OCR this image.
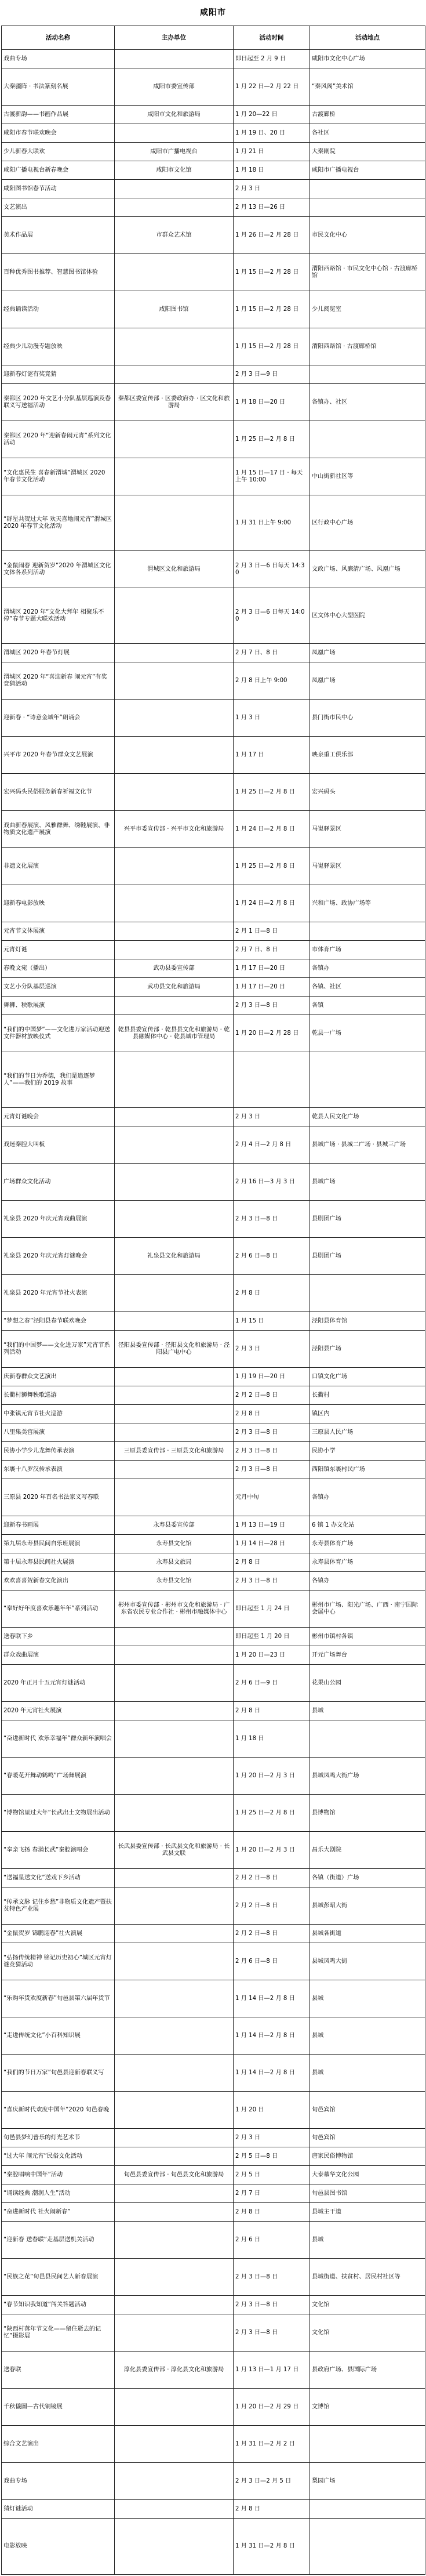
咸阳市
活动名称	主办单位	活动时间	活动地点
戏曲专场		即日起至 2 月 9 日	咸阳市文化中心广场
大秦疆阵 · 书法篆刻名展	咸阳市委宣传部	1 月 22 日—2 月 22 日	“秦风阁”美术馆
古渡新韵——书画作品展	咸阳市文化和旅游局	1 月 20—22 日	古渡廊桥
咸阳市春节联欢晚会		1 月 19 日、20 日	各社区
少儿新春大联欢	咸阳市广播电视台	1 月 21 日	大秦剧院
咸阳广播电视台新春晚会	咸阳市文化馆	1 月 18 日	咸阳市广播电视台
咸阳图书馆春节活动		2 月 3 日	
文艺演出		2 月 13 日—26 日	
美术作品展	市群众艺术馆	1 月 26 日—2 月 28 日	市民文化中心
百种优秀图书推荐、智慧图书馆体验		1 月 15 日—2 月 28 日	渭阳西路馆 · 市民文化中心馆 · 古渡廊桥馆
经典诵读活动	咸阳图书馆	1 月 15 日—2 月 28 日	少儿阅览室
经典少儿动漫专题放映		1 月 15 日—2 月 28 日	渭阳西路馆 · 古渡廊桥馆
迎新春灯谜有奖竞猜		2 月 3 日—9 日	
秦都区 2020 年文艺小分队基层巡演及春联义写送福活动	秦都区委宣传部 · 区委政府办 · 区文化和旅游局	1 月 18 日—20 日	各镇办、社区
秦都区 2020 年“迎新春闹元宵”系列文化活动		1 月 25 日—2 月 8 日	
“文化惠民生 喜春新渭城”渭城区 2020 年春节文化活动		1 月 15 日—17 日 · 每天上午 10:00	中山街新社区等
“群星共贺过大年 欢天喜地闹元宵”渭城区 2020 年春节文化活动		1 月 31 日上午 9:00	区行政中心广场
“金鼠闹春 迎新贺岁”2020 年渭城区文化文体各系列活动	渭城区文化和旅游局	2 月 3 日—6 日每天 14:30	文政广场、风廉清广场、风凰广场
渭城区 2020 年“文化大拜年 相聚乐不停”春节专题大联欢活动		2 月 3 日—6 日每天 14:00	区文体中心大型医院
渭城区 2020 年春节灯展		2 月 7 日、8 日	凤凰广场
渭城区 2020 年“喜迎新春 闹元宵”有奖竞猜活动		2 月 8 日上午 9:00	凤凰广场
迎新春 · “诗意金城年”朗诵会		1 月 3 日	县门街市民中心
兴平市 2020 年春节群众文艺展演		1 月 17 日	映泉重工俱乐部
宏兴码头民俗服务新春祈福文化节		1 月 25 日—2 月 8 日	宏兴码头
戏曲新春展演、风雅群舞、绣鞋展演、非物质文化遗产展演	兴平市委宣传部 · 兴平市文化和旅游局	1 月 24 日—2 月 8 日	马嵬驿景区
非遗文化展演		1 月 25 日—2 月 8 日	马嵬驿景区
迎新春电影放映		1 月 24 日—2 月 8 日	兴和广场、政协广场等
元宵节文体展演		2 月 1 日—8 日	
元宵灯谜		2 月 7 日、8 日	市体育广场
春晚文宛（播出）	武功县委宣传部	1 月 17 日—20 日	各镇办
文艺小分队基层巡演	武功县文化和旅游局	1 月 17 日—20 日	各镇、社区
舞狮、秧歌展演		2 月 3 日—8 日	各镇
“我们的中国梦”——文化进万家活动迎送文件器材放映仪式	乾县县委宣传部 · 乾县县文化和旅游局 · 乾县融媒体中心 · 乾县城市管理局	1 月 20 日—2 月 28 日	乾县一广场
“我们的节日为乔德，我们是追逐梦人”——我们的 2019 故事			
元宵灯谜晚会		2 月 3 日	乾县人民文化广场
戏迷秦腔大叫板		2 月 4 日—2 月 8 日	县城广场 · 县城二广场 · 县城三广场
广场群众文化活动		2 月 16 日—3 月 3 日	县城广场
礼泉县 2020 年庆元宵戏曲展演		2 月 3 日—8 日	县剧团广场
礼泉县 2020 年庆元宵灯谜晚会	礼泉县文化和旅游局	2 月 6 日—8 日	县剧团广场
礼泉县 2020 年元宵节社火表演		2 月 8 日	
“梦想之春”泾阳县春节联欢晚会		1 月 15 日	泾阳县体育馆
“我们的中国梦——文化进万家”元宵节系列活动	泾阳县委宣传部 · 泾阳县文化和旅游局 · 泾阳县广电中心	2 月 3 日	泾阳县广场
庆新春群众文艺演出		1 月 19 日—20 日	口镇文化广场
长衢村狮舞秧歌巡游		2 月 2 日—8 日	长衢村
中张镇元宵节社火巡游		2 月 8 日	镇区内
八里集美宫展演		2 月 3 日—8 日	三原县人民广场
民协小学少儿龙舞传承表演	三原县委宣传部 · 三原县文化和旅游局	2 月 3 日—8 日	民协小学
东裹十八罗汉传承表演		2 月 3 日—8 日	西阳镇东裹村民广场
三原县 2020 年百名书法家义写春联		元月中旬	各镇办
迎新春书画展	永寿县委宣传部	1 月 13 日—19 日	6 镇 1 办文化站
第九届永寿县民间自乐班展演	永寿县文化馆	1 月 14 日—28 日	永寿县体育广场
第十届永寿县民间社火展演	永寿县文旅局	2 月 8 日	永寿县体育广场
欢欢喜喜贺新春文化演出	永寿县文化馆	2 月 3 日—8 日	各镇办
“奉好好年度喜欢乐趣年年”系列活动	彬州市委宣传部 · 彬州市文化和旅游局 · 广东省农民专业合作社 · 彬州市融媒体中心	即日起至 1 月 24 日	彬州市广场、阳光广场、广西 · 南宁国际会展中心
送春联下乡		即日起至 1 月 20 日	彬州市镇村各镇
群众戏曲展演		1 月 20 日—23 日	开元广场舞台
2020 年正月十五元宵灯谜活动		2 月 6 日—9 日	花果山公园
2020 年元宵社火展演		2 月 8 日	县城
“奋进新时代 欢乐幸福年”群众新年演唱会		1 月 18 日	
“春暖花开舞动鹤鸣”广场舞展演		1 月 20 日—2 月 3 日	县城凤鸣大街广场
“博物馆里过大年”长武出土文物展出活动		1 月 25 日—2 月 8 日	县博物馆
“奉亲飞扬 春满长武”秦腔演唱会	长武县委宣传部 · 长武县文化和旅游局 · 长武县文联	1 月 20 日—2 月 3 日	昌乐大剧院
“送福星送文化”送戏下乡活动		2 月 2 日—8 日	各镇（街道）广场
“传承文脉 记住乡愁”非物质文化遗产暨扶贫特色产业展		2 月 2 日—8 日	县城彭昭大街
“金鼠贺岁 锦鹏迎春”社火演展		2 月 2 日—8 日	县城各街道
“弘扬传统精神 铭记历史初心”城区元宵灯谜竞猜活动		2 月 6 日—8 日	县城凤鸣大街
“乐购年货欢度新春”旬邑县第六届年货节		1 月 14 日—2 月 8 日	县城
“走进传统文化”小百科知识展		1 月 14 日—2 月 8 日	县城
“我们的节日万家”旬邑县迎新春联义写		1 月 14 日—2 月 8 日	县城
“喜庆新时代欢度中国年”2020 旬邑春晚		1 月 20 日	旬邑宾馆
旬邑县梦幻普乐的灯光艺术节		2 月 3 日	旬邑宾馆
“过大年 闹元宵”民俗文化活动		2 月 5 日—8 日	唐家民俗博物馆
“秦腔唱响中国年”活动	旬邑县委宣传部 · 旬邑县文化和旅游局	2 月 5 日	大泰慕华文化公园
“诵读经典 潮润人生”活动		2 月 7 日	旬邑县图书馆
“奋进新时代 社火闹新春”		2 月 8 日	县城主干道
“迎新春 送春联”走基层送机关活动		2 月 6 日	县城
“民族之花”旬邑县民间艺人新春展演		2 月 3 日—8 日	县城街道、扶贫村、居民村社区等
“春节知识我知道”闯关答题活动		2 月 3 日—8 日	文化馆
“陕西村落年节文化——留住逝去的记忆”摄影展		2 月 3 日—8 日	文化馆
送春联	淳化县委宣传部 · 淳化县文化和旅游局	1 月 13 日—1 月 17 日	县政府广场、县国际广场
千秋儀圖—古代铜镜展		1 月 20 日—2 月 29 日	文博馆
综合文艺演出		1 月 31 日—2 月 2 日	
戏曲专场		2 月 3 日—2 月 5 日	梨园广场
猜灯谜活动		2 月 8 日	
电影放映		1 月 31 日—2 月 8 日	
